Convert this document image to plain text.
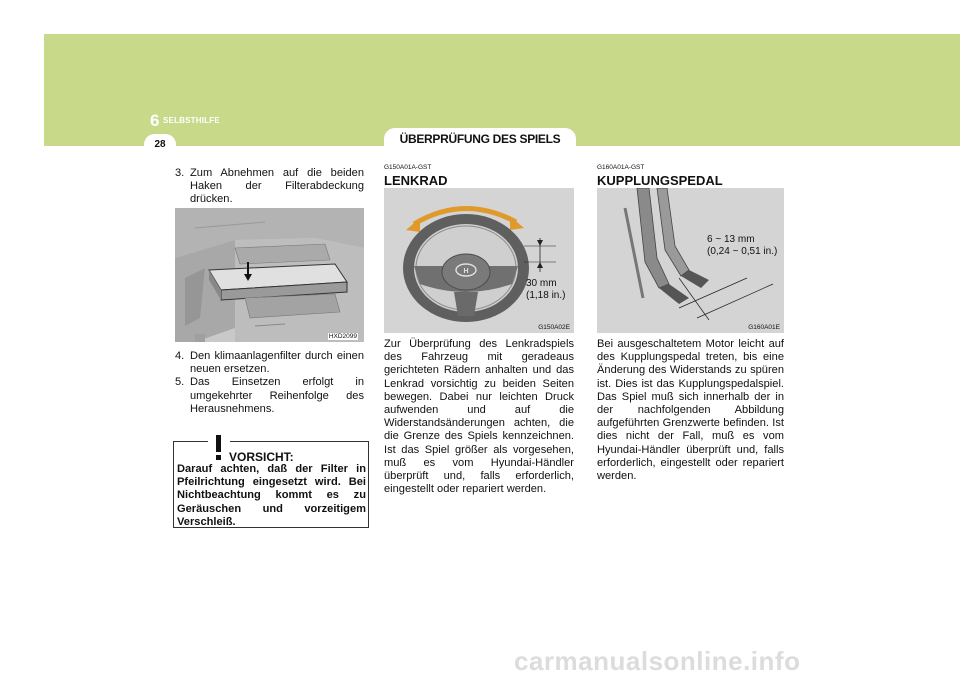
6 SELBSTHILFE
28	ÜBERPRÜFUNG DES SPIELS
3. Zum Abnehmen auf die beiden Haken der Filterabdeckung drücken.
HXD2099
4. Den klimaanlagenfilter durch einen neuen ersetzen.
5. Das Einsetzen erfolgt in umgekehrter Reihenfolge des Herausnehmens.
VORSICHT:
Darauf achten, daß der Filter in Pfeilrichtung eingesetzt wird. Bei Nichtbeachtung kommt es zu Geräuschen und vorzeitigem Verschleiß.
G150A01A-GST
LENKRAD
H
30 mm
(1,18 in.)
G150A02E
Zur Überprüfung des Lenkradspiels des Fahrzeug mit geradeaus gerichteten Rädern anhalten und das Lenkrad vorsichtig zu beiden Seiten bewegen. Dabei nur leichten Druck aufwenden und auf die Widerstandsänderungen achten, die die Grenze des Spiels kennzeichnen. Ist das Spiel größer als vorgesehen, muß es vom Hyundai-Händler überprüft und, falls erforderlich, eingestellt oder repariert werden.
G160A01A-GST
KUPPLUNGSPEDAL
6 ~ 13 mm
(0,24 ~ 0,51 in.)
G160A01E
Bei ausgeschaltetem Motor leicht auf des Kupplungspedal treten, bis eine Änderung des Widerstands zu spüren ist. Dies ist das Kupplungspedalspiel. Das Spiel muß sich innerhalb der in der nachfolgenden Abbildung aufgeführten Grenzwerte befinden. Ist dies nicht der Fall, muß es vom Hyundai-Händler überprüft und, falls erforderlich, eingestellt oder repariert werden.
carmanualsonline.info
